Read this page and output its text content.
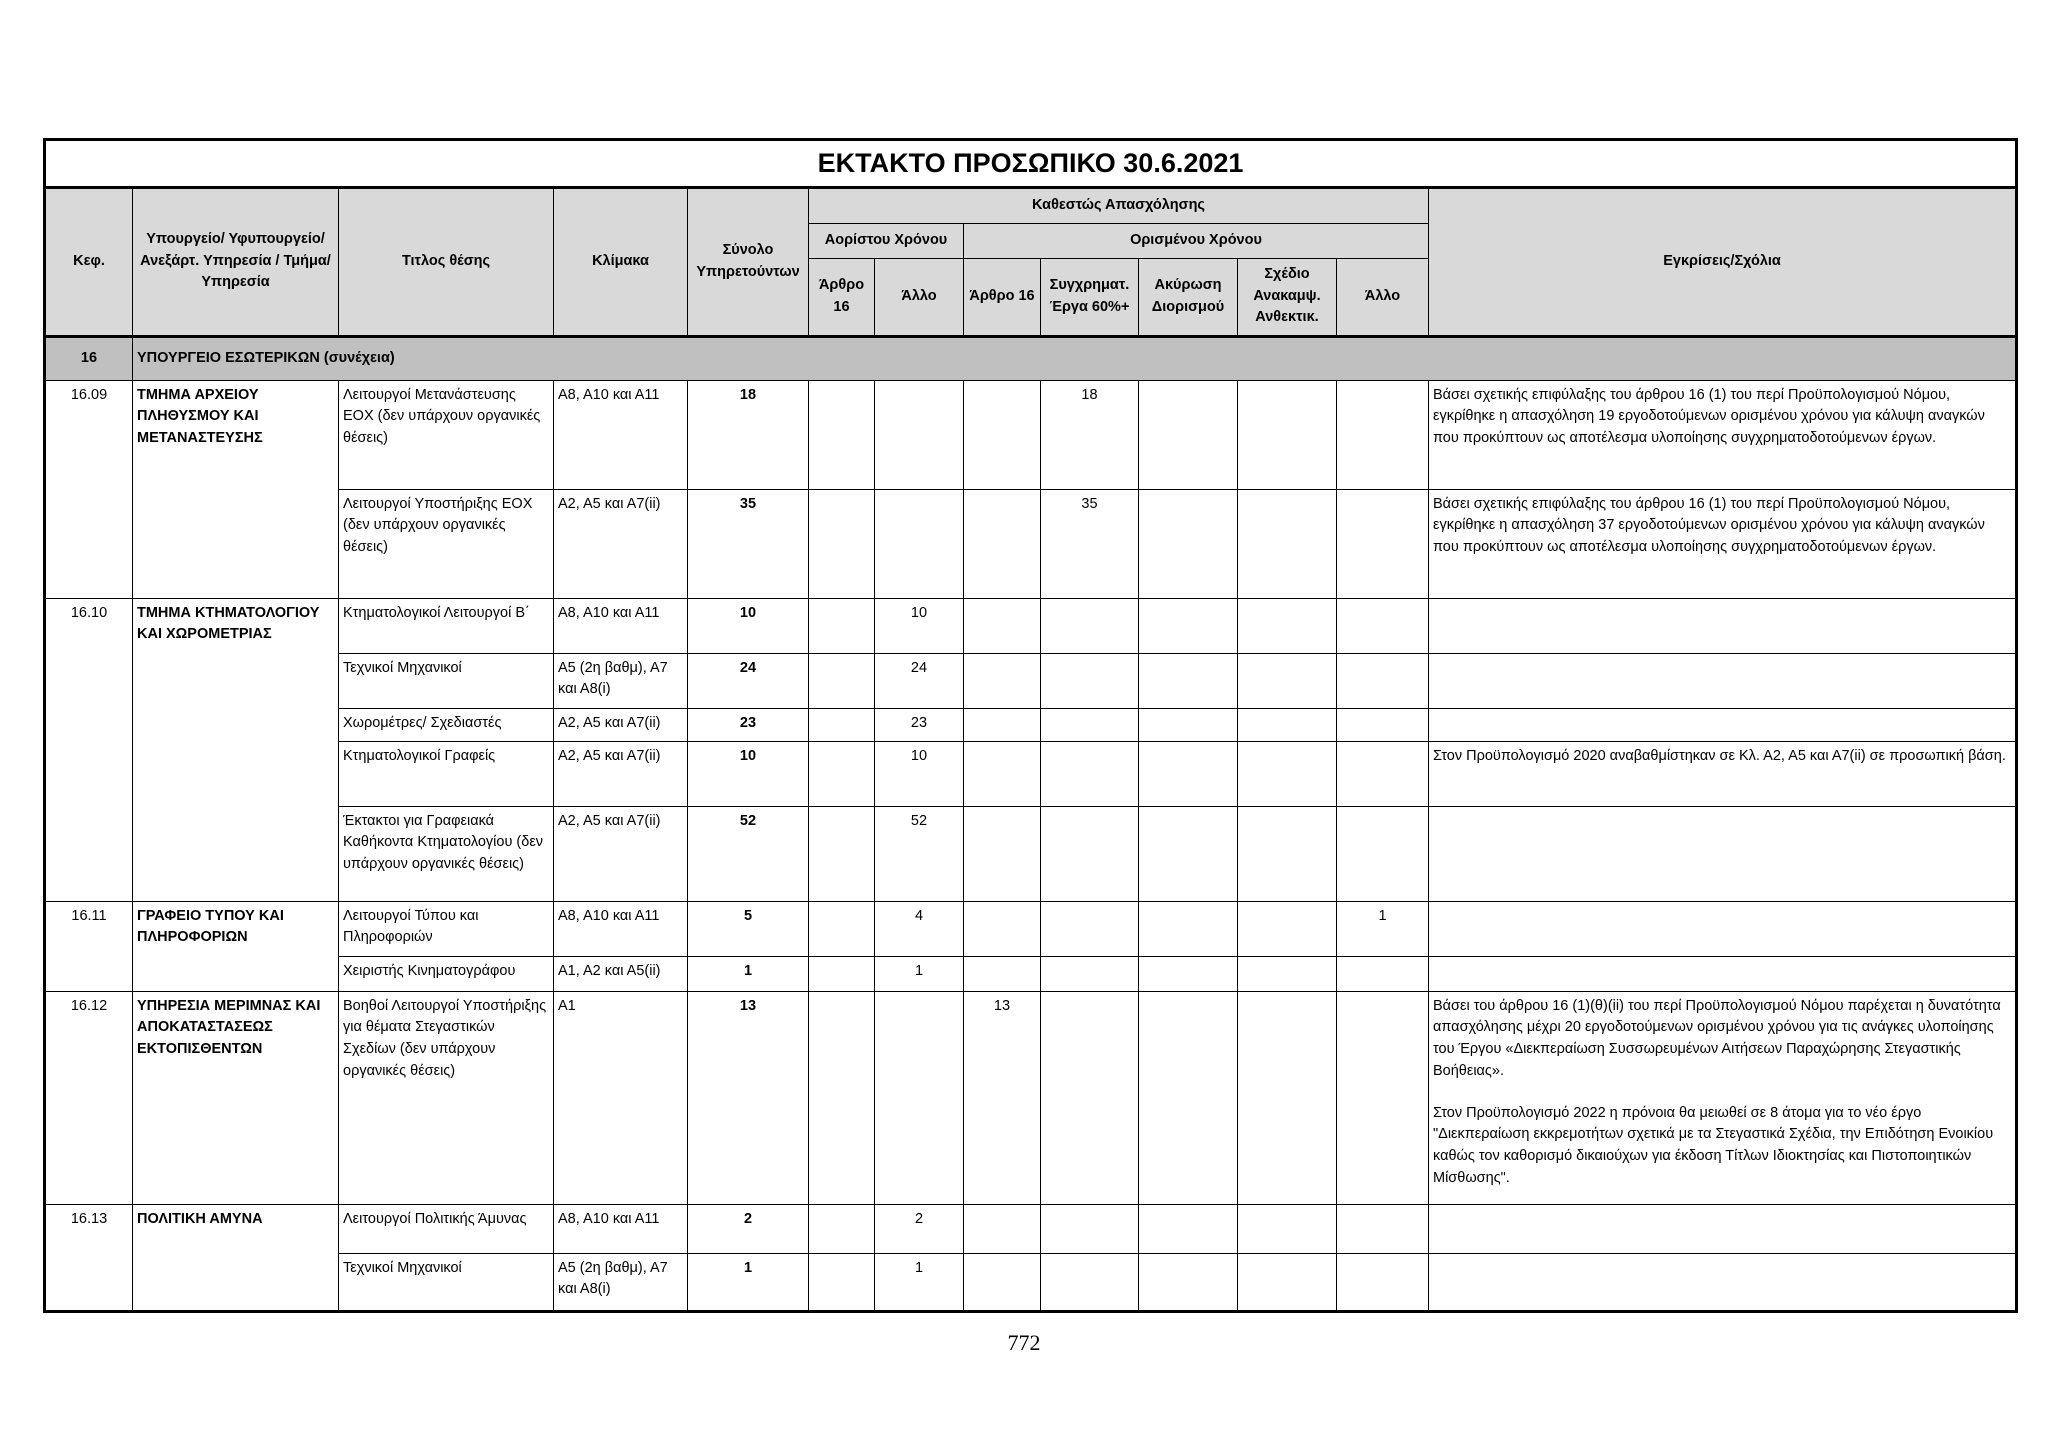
ΕΚΤΑΚΤΟ ΠΡΟΣΩΠΙΚΟ 30.6.2021												
Κεφ.	Υπουργείο/ Υφυπουργείο/ Ανεξάρτ. Υπηρεσία / Τμήμα/ Υπηρεσία	Τιτλος θέσης	Κλίμακα	Σύνολο Υπηρετούντων	Καθεστώς Απασχόλησης							Εγκρίσεις/Σχόλια
					Αορίστου Χρόνου		Ορισμένου Χρόνου					
					Άρθρο 16	Άλλο	Άρθρο 16	Συγχρηματ. Έργα 60%+	Ακύρωση Διορισμού	Σχέδιο Ανακαμψ. Ανθεκτικ.	Άλλο	
16	ΥΠΟΥΡΓΕΙΟ ΕΣΩΤΕΡΙΚΩΝ (συνέχεια)											
16.09	ΤΜΗΜΑ ΑΡΧΕΙΟΥ ΠΛΗΘΥΣΜΟΥ ΚΑΙ ΜΕΤΑΝΑΣΤΕΥΣΗΣ	Λειτουργοί Μετανάστευσης ΕΟΧ (δεν υπάρχουν οργανικές θέσεις)	Α8, Α10 και Α11	18				18				Βάσει σχετικής επιφύλαξης του άρθρου 16 (1) του περί Προϋπολογισμού Νόμου, εγκρίθηκε η απασχόληση 19 εργοδοτούμενων ορισμένου χρόνου για κάλυψη αναγκών που προκύπτουν ως αποτέλεσμα υλοποίησης συγχρηματοδοτούμενων έργων.

		Λειτουργοί Υποστήριξης ΕΟΧ (δεν υπάρχουν οργανικές θέσεις)	Α2, Α5 και Α7(ii)	35				35				Βάσει σχετικής επιφύλαξης του άρθρου 16 (1) του περί Προϋπολογισμού Νόμου, εγκρίθηκε η απασχόληση 37 εργοδοτούμενων ορισμένου χρόνου για κάλυψη αναγκών που προκύπτουν ως αποτέλεσμα υλοποίησης συγχρηματοδοτούμενων έργων.

16.10	ΤΜΗΜΑ ΚΤΗΜΑΤΟΛΟΓΙΟΥ ΚΑΙ ΧΩΡΟΜΕΤΡΙΑΣ	Κτηματολογικοί Λειτουργοί Β΄	Α8, Α10 και Α11	10		10						
		Τεχνικοί Μηχανικοί	Α5 (2η βαθμ), Α7 και Α8(i)	24		24						
		Χωρομέτρες/ Σχεδιαστές	Α2, Α5 και Α7(ii)	23		23						
		Κτηματολογικοί Γραφείς	Α2, Α5 και Α7(ii)	10		10						Στον Προϋπολογισμό 2020 αναβαθμίστηκαν σε Κλ. Α2, Α5 και Α7(ii) σε προσωπική βάση.

		Έκτακτοι για Γραφειακά Καθήκοντα Κτηματολογίου (δεν υπάρχουν οργανικές θέσεις)	Α2, Α5 και Α7(ii)	52		52						
16.11	ΓΡΑΦΕΙΟ ΤΥΠΟΥ ΚΑΙ ΠΛΗΡΟΦΟΡΙΩΝ	Λειτουργοί Τύπου και Πληροφοριών	Α8, Α10 και Α11	5		4					1	
		Χειριστής Κινηματογράφου	Α1, Α2 και Α5(ii)	1		1						
16.12	ΥΠΗΡΕΣΙΑ ΜΕΡΙΜΝΑΣ ΚΑΙ ΑΠΟΚΑΤΑΣΤΑΣΕΩΣ ΕΚΤΟΠΙΣΘΕΝΤΩΝ	Βοηθοί Λειτουργοί Υποστήριξης για θέματα Στεγαστικών Σχεδίων (δεν υπάρχουν οργανικές θέσεις)	Α1	13			13					Βάσει του άρθρου 16 (1)(θ)(ii) του περί Προϋπολογισμού Νόμου παρέχεται η δυνατότητα απασχόλησης μέχρι 20 εργοδοτούμενων ορισμένου χρόνου για τις ανάγκες υλοποίησης του Έργου «Διεκπεραίωση Συσσωρευμένων Αιτήσεων Παραχώρησης Στεγαστικής Βοήθειας».

Στον Προϋπολογισμό 2022 η πρόνοια θα μειωθεί σε 8 άτομα για το νέο έργο "Διεκπεραίωση εκκρεμοτήτων σχετικά με τα Στεγαστικά Σχέδια, την Επιδότηση Ενοικίου καθώς τον καθορισμό δικαιούχων για έκδοση Τίτλων Ιδιοκτησίας και Πιστοποιητικών Μίσθωσης".

16.13	ΠΟΛΙΤΙΚΗ ΑΜΥΝΑ	Λειτουργοί Πολιτικής Άμυνας	Α8, Α10 και Α11	2		2						
		Τεχνικοί Μηχανικοί	Α5 (2η βαθμ), Α7 και Α8(i)	1		1						
772
